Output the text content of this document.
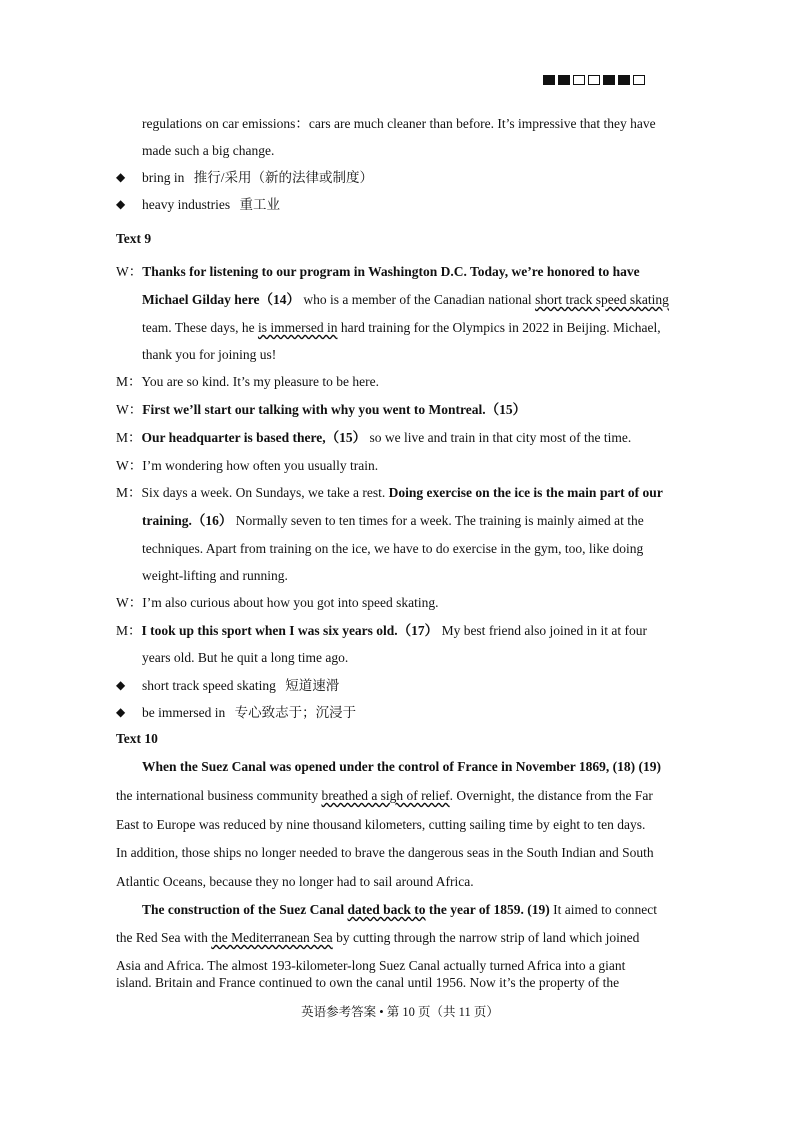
regulations on car emissions：cars are much cleaner than before. It’s impressive that they have
made such a big change.
◆ bring in 推行/采用（新的法律或制度）
◆ heavy industries 重工业
Text 9
W：Thanks for listening to our program in Washington D.C. Today, we’re honored to have
Michael Gilday here（14） who is a member of the Canadian national short track speed skating
team. These days, he is immersed in hard training for the Olympics in 2022 in Beijing. Michael,
thank you for joining us!
M：You are so kind. It’s my pleasure to be here.
W：First we’ll start our talking with why you went to Montreal.（15）
M：Our headquarter is based there,（15） so we live and train in that city most of the time.
W：I’m wondering how often you usually train.
M：Six days a week. On Sundays, we take a rest. Doing exercise on the ice is the main part of our
training.（16） Normally seven to ten times for a week. The training is mainly aimed at the
techniques. Apart from training on the ice, we have to do exercise in the gym, too, like doing
weight-lifting and running.
W：I’m also curious about how you got into speed skating.
M：I took up this sport when I was six years old.（17） My best friend also joined in it at four
years old. But he quit a long time ago.
◆ short track speed skating 短道速滑
◆ be immersed in 专心致志于；沉浸于
Text 10
When the Suez Canal was opened under the control of France in November 1869, (18) (19)
the international business community breathed a sigh of relief. Overnight, the distance from the Far
East to Europe was reduced by nine thousand kilometers, cutting sailing time by eight to ten days.
In addition, those ships no longer needed to brave the dangerous seas in the South Indian and South
Atlantic Oceans, because they no longer had to sail around Africa.
The construction of the Suez Canal dated back to the year of 1859. (19) It aimed to connect
the Red Sea with the Mediterranean Sea by cutting through the narrow strip of land which joined
Asia and Africa. The almost 193-kilometer-long Suez Canal actually turned Africa into a giant
island. Britain and France continued to own the canal until 1956. Now it’s the property of the
英语参考答案 • 第 10 页（共 11 页）
